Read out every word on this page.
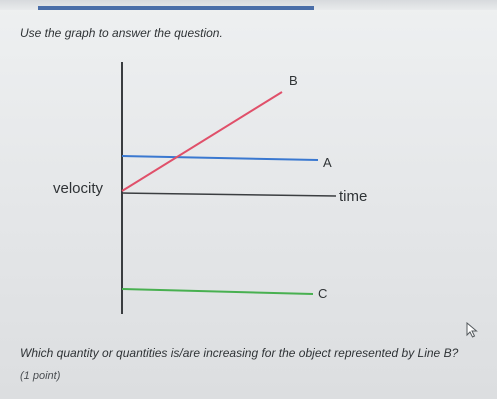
Use the graph to answer the question.
B
A
C
velocity	time
Which quantity or quantities is/are increasing for the object represented by Line B?
(1 point)
